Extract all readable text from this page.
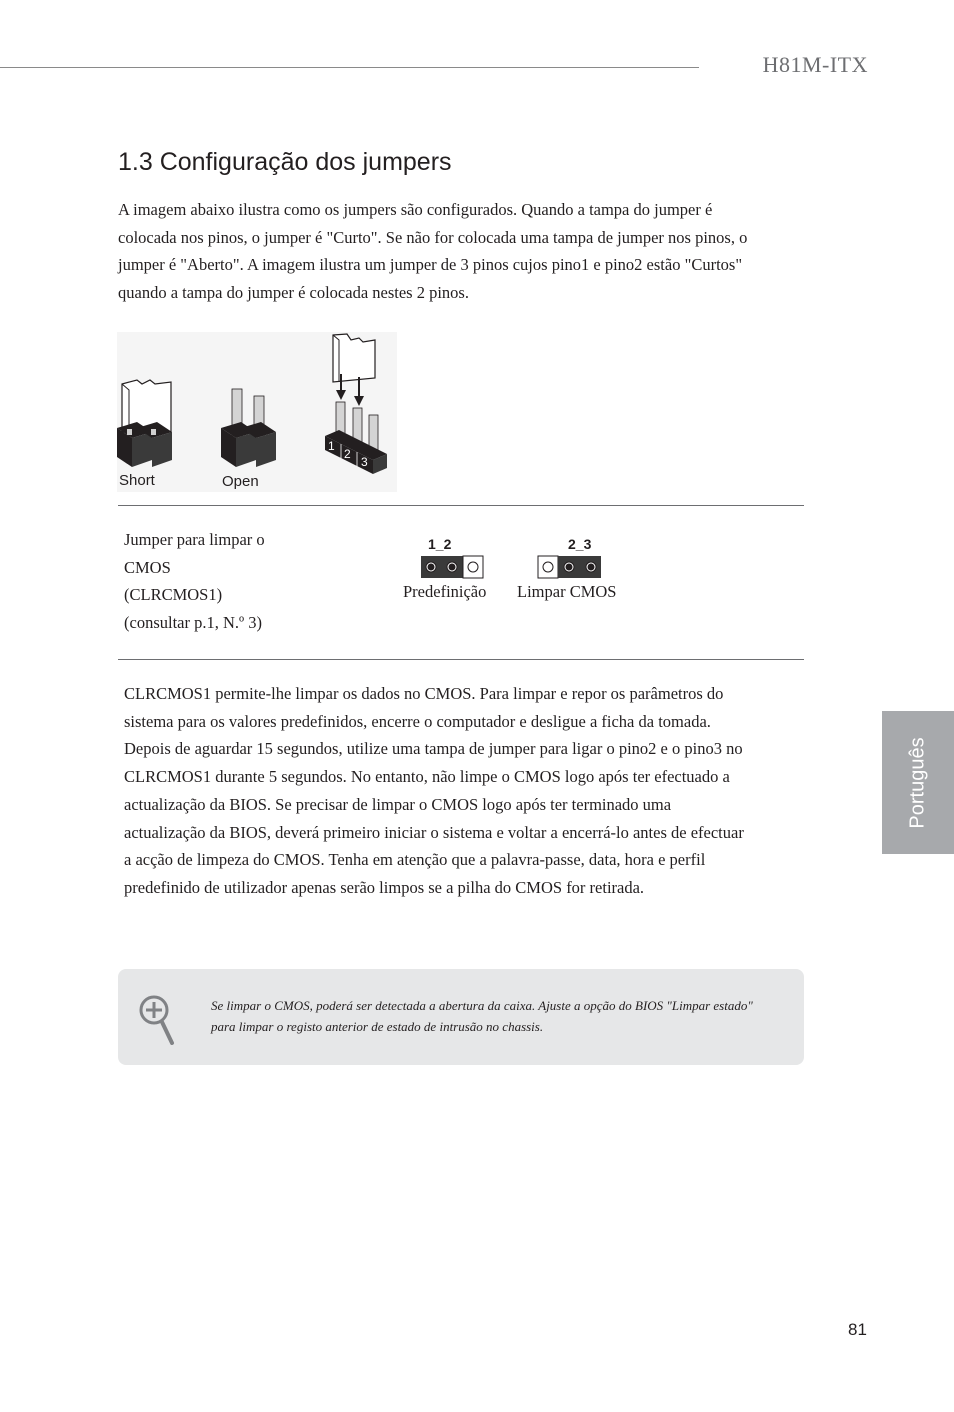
H81M-ITX
1.3 Configuração dos jumpers

A imagem abaixo ilustra como os jumpers são configurados. Quando a tampa do jumper é colocada nos pinos, o jumper é "Curto". Se não for colocada uma tampa de jumper nos pinos, o jumper é "Aberto". A imagem ilustra um jumper de 3 pinos cujos pino1 e pino2 estão "Curtos" quando a tampa do jumper é colocada nestes 2 pinos.

1
2
3
Short	Open
Jumper para limpar o
CMOS
(CLRCMOS1)
(consultar p.1, N.º 3)
1_2
Predefinição
2_3
Limpar CMOS

CLRCMOS1 permite-lhe limpar os dados no CMOS. Para limpar e repor os parâmetros do sistema para os valores predefinidos, encerre o computador e desligue a ficha da tomada. Depois de aguardar 15 segundos, utilize uma tampa de jumper para ligar o pino2 e o pino3 no CLRCMOS1 durante 5 segundos. No entanto, não limpe o CMOS logo após ter efectuado a actualização da BIOS. Se precisar de limpar o CMOS logo após ter terminado uma actualização da BIOS, deverá primeiro iniciar o sistema e voltar a encerrá-lo antes de efectuar a acção de limpeza do CMOS. Tenha em atenção que a palavra-passe, data, hora e perfil predefinido de utilizador apenas serão limpos se a pilha do CMOS for retirada.

Se limpar o CMOS, poderá ser detectada a abertura da caixa. Ajuste a opção do BIOS "Limpar estado" para limpar o registo anterior de estado de intrusão no chassis.

Português
81
